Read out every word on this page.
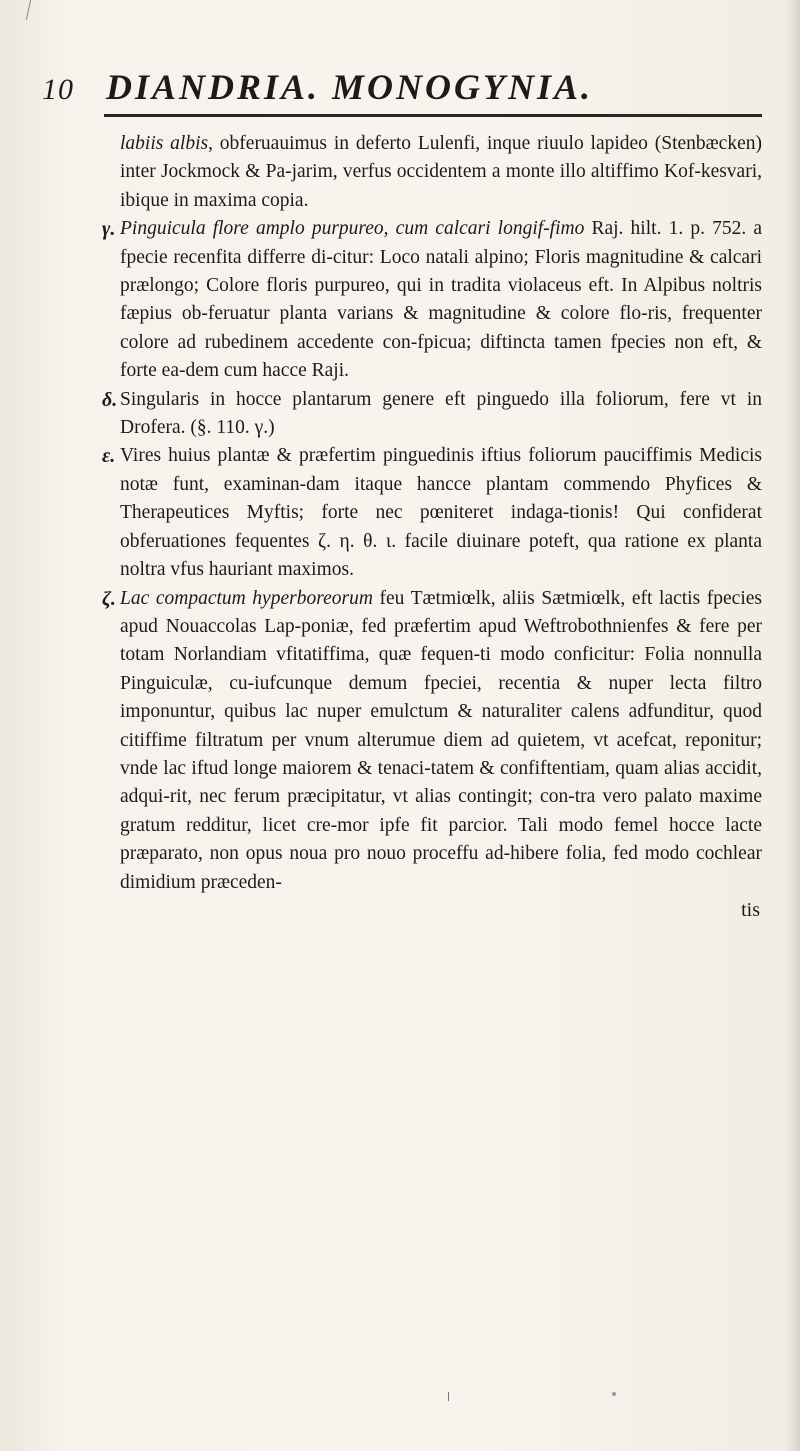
10 DIANDRIA. MONOGYNIA.

labiis albis, obferuauimus in deferto Lulenfi, inque riuulo lapideo (Stenbæcken) inter Jockmock & Pa-jarim, verfus occidentem a monte illo altiffimo Kof-kesvari, ibique in maxima copia.

γ. Pinguicula flore amplo purpureo, cum calcari longif-fimo Raj. hilt. 1. p. 752. a fpecie recenfita differre di-citur: Loco natali alpino; Floris magnitudine & calcari prælongo; Colore floris purpureo, qui in tradita violaceus eft. In Alpibus noltris fæpius ob-feruatur planta varians & magnitudine & colore flo-ris, frequenter colore ad rubedinem accedente con-fpicua; diftincta tamen fpecies non eft, & forte ea-dem cum hacce Raji.

δ. Singularis in hocce plantarum genere eft pinguedo illa foliorum, fere vt in Drofera. (§. 110. γ.)

ε. Vires huius plantæ & præfertim pinguedinis iftius foliorum pauciffimis Medicis notæ funt, examinan-dam itaque hancce plantam commendo Phyfices & Therapeutices Myftis; forte nec pœniteret indaga-tionis! Qui confiderat obferuationes fequentes ζ. η. θ. ι. facile diuinare poteft, qua ratione ex planta noltra vfus hauriant maximos.

ζ. Lac compactum hyperboreorum feu Tætmiœlk, aliis Sætmiœlk, eft lactis fpecies apud Nouaccolas Lap-poniæ, fed præfertim apud Weftrobothnienfes & fere per totam Norlandiam vfitatiffima, quæ fequen-ti modo conficitur: Folia nonnulla Pinguiculæ, cu-iufcunque demum fpeciei, recentia & nuper lecta filtro imponuntur, quibus lac nuper emulctum & naturaliter calens adfunditur, quod citiffime filtratum per vnum alterumue diem ad quietem, vt acefcat, reponitur; vnde lac iftud longe maiorem & tenaci-tatem & confiftentiam, quam alias accidit, adqui-rit, nec ferum præcipitatur, vt alias contingit; con-tra vero palato maxime gratum redditur, licet cre-mor ipfe fit parcior. Tali modo femel hocce lacte præparato, non opus noua pro nouo proceffu ad-hibere folia, fed modo cochlear dimidium præceden-

tis
